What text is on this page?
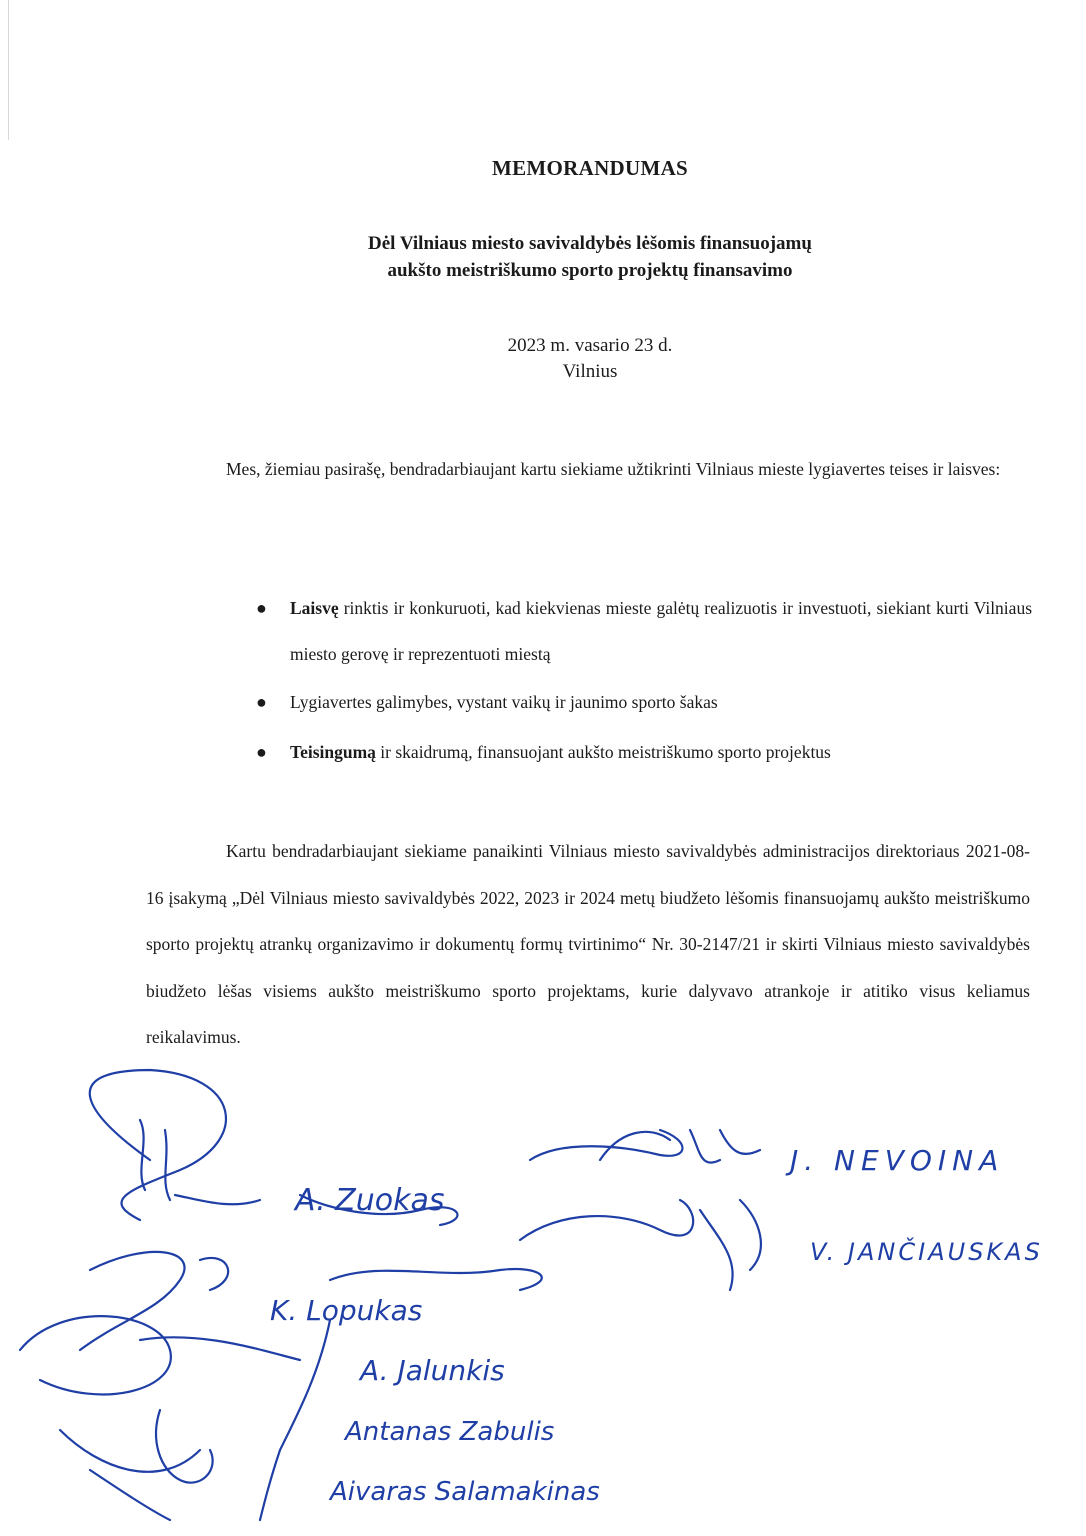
MEMORANDUMAS
Dėl Vilniaus miesto savivaldybės lėšomis finansuojamų
aukšto meistriškumo sporto projektų finansavimo
2023 m. vasario 23 d.
Vilnius

Mes, žiemiau pasirašę, bendradarbiaujant kartu siekiame užtikrinti Vilniaus mieste lygiavertes teises ir laisves:

● Laisvę rinktis ir konkuruoti, kad kiekvienas mieste galėtų realizuotis ir investuoti, siekiant kurti Vilniaus miesto gerovę ir reprezentuoti miestą
● Lygiavertes galimybes, vystant vaikų ir jaunimo sporto šakas
● Teisingumą ir skaidrumą, finansuojant aukšto meistriškumo sporto projektus

Kartu bendradarbiaujant siekiame panaikinti Vilniaus miesto savivaldybės administracijos direktoriaus 2021-08-16 įsakymą „Dėl Vilniaus miesto savivaldybės 2022, 2023 ir 2024 metų biudžeto lėšomis finansuojamų aukšto meistriškumo sporto projektų atrankų organizavimo ir dokumentų formų tvirtinimo“ Nr. 30-2147/21 ir skirti Vilniaus miesto savivaldybės biudžeto lėšas visiems aukšto meistriškumo sporto projektams, kurie dalyvavo atrankoje ir atitiko visus keliamus reikalavimus.

A. Zuokas
K. Lopukas
A. Jalunkis
Antanas Zabulis
Aivaras Salamakinas
J. NEVOINA
V. JANČIAUSKAS
